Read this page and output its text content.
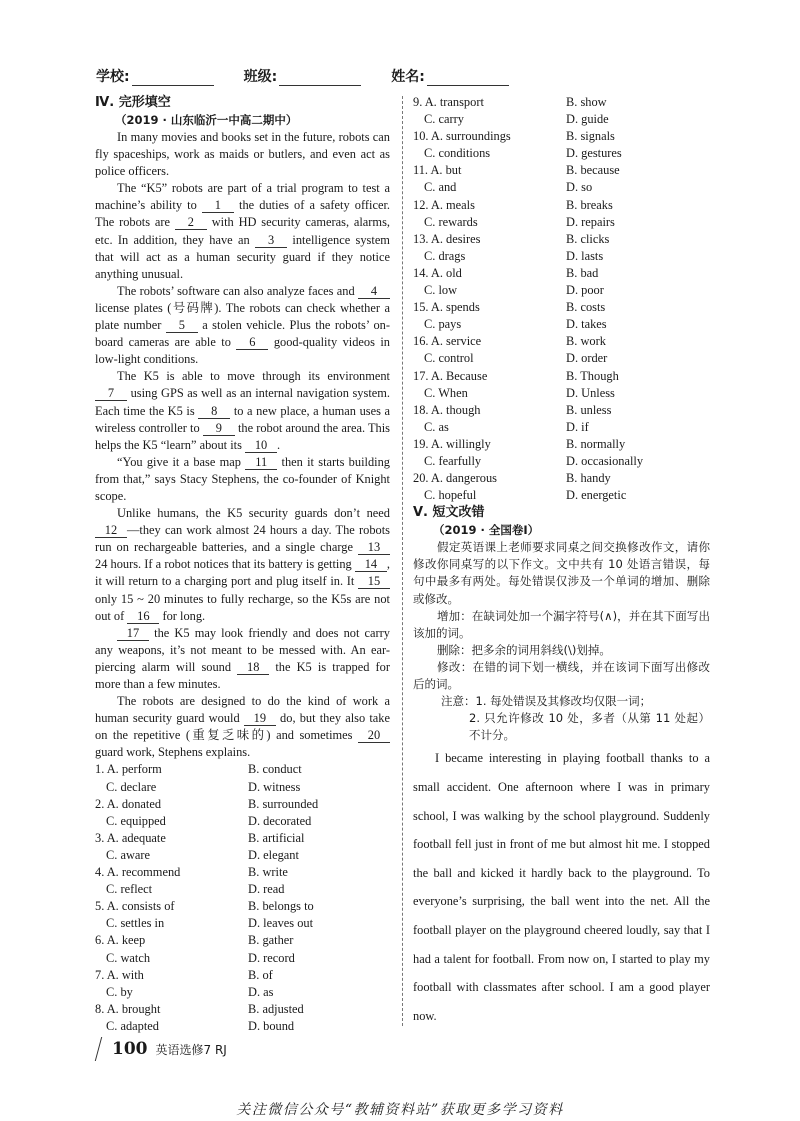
学校:	班级:	姓名:
Ⅳ. 完形填空
（2019 · 山东临沂一中高二期中）

In many movies and books set in the future, robots can fly spaceships, work as maids or butlers, and even act as police officers.

The “K5” robots are part of a trial program to test a machine’s ability to 1 the duties of a safety officer. The robots are 2 with HD security cameras, alarms, etc. In addition, they have an 3 intelligence system that will act as a human security guard if they notice anything unusual.

The robots’ software can also analyze faces and 4 license plates (号码牌). The robots can check whether a plate number 5 a stolen vehicle. Plus the robots’ on-board cameras are able to 6 good-quality videos in low-light conditions.

The K5 is able to move through its environment 7 using GPS as well as an internal navigation system. Each time the K5 is 8 to a new place, a human uses a wireless controller to 9 the robot around the area. This helps the K5 “learn” about its 10 .

“You give it a base map 11 then it starts building from that,” says Stacy Stephens, the co-founder of Knight scope.

Unlike humans, the K5 security guards don’t need 12 —they can work almost 24 hours a day. The robots run on rechargeable batteries, and a single charge 13 24 hours. If a robot notices that its battery is getting 14 , it will return to a charging port and plug itself in. It 15 only 15 ~ 20 minutes to fully recharge, so the K5s are not out of 16 for long.

17 the K5 may look friendly and does not carry any weapons, it’s not meant to be messed with. An ear-piercing alarm will sound 18 the K5 is trapped for more than a few minutes.

The robots are designed to do the kind of work a human security guard would 19 do, but they also take on the repetitive (重复乏味的) and sometimes 20 guard work, Stephens explains.

1. A. perform	B. conduct
C. declare	D. witness
2. A. donated	B. surrounded
C. equipped	D. decorated
3. A. adequate	B. artificial
C. aware	D. elegant
4. A. recommend	B. write
C. reflect	D. read
5. A. consists of	B. belongs to
C. settles in	D. leaves out
6. A. keep	B. gather
C. watch	D. record
7. A. with	B. of
C. by	D. as
8. A. brought	B. adjusted
C. adapted	D. bound
9. A. transport	B. show
C. carry	D. guide
10. A. surroundings	B. signals
C. conditions	D. gestures
11. A. but	B. because
C. and	D. so
12. A. meals	B. breaks
C. rewards	D. repairs
13. A. desires	B. clicks
C. drags	D. lasts
14. A. old	B. bad
C. low	D. poor
15. A. spends	B. costs
C. pays	D. takes
16. A. service	B. work
C. control	D. order
17. A. Because	B. Though
C. When	D. Unless
18. A. though	B. unless
C. as	D. if
19. A. willingly	B. normally
C. fearfully	D. occasionally
20. A. dangerous	B. handy
C. hopeful	D. energetic
Ⅴ. 短文改错
（2019 · 全国卷Ⅰ）

假定英语课上老师要求同桌之间交换修改作文，请你修改你同桌写的以下作文。文中共有 10 处语言错误，每句中最多有两处。每处错误仅涉及一个单词的增加、删除或修改。

增加：在缺词处加一个漏字符号(∧)，并在其下面写出该加的词。

删除：把多余的词用斜线(\)划掉。

修改：在错的词下划一横线，并在该词下面写出修改后的词。

注意：1. 每处错误及其修改均仅限一词；

2. 只允许修改 10 处，多者（从第 11 处起）不计分。

I became interesting in playing football thanks to a small accident. One afternoon where I was in primary school, I was walking by the school playground. Suddenly football fell just in front of me but almost hit me. I stopped the ball and kicked it hardly back to the playground. To everyone’s surprising, the ball went into the net. All the football player on the playground cheered loudly, say that I had a talent for football. From now on, I started to play my football with classmates after school. I am a good player now.

100 英语选修7 RJ
关注微信公众号“教辅资料站”获取更多学习资料
